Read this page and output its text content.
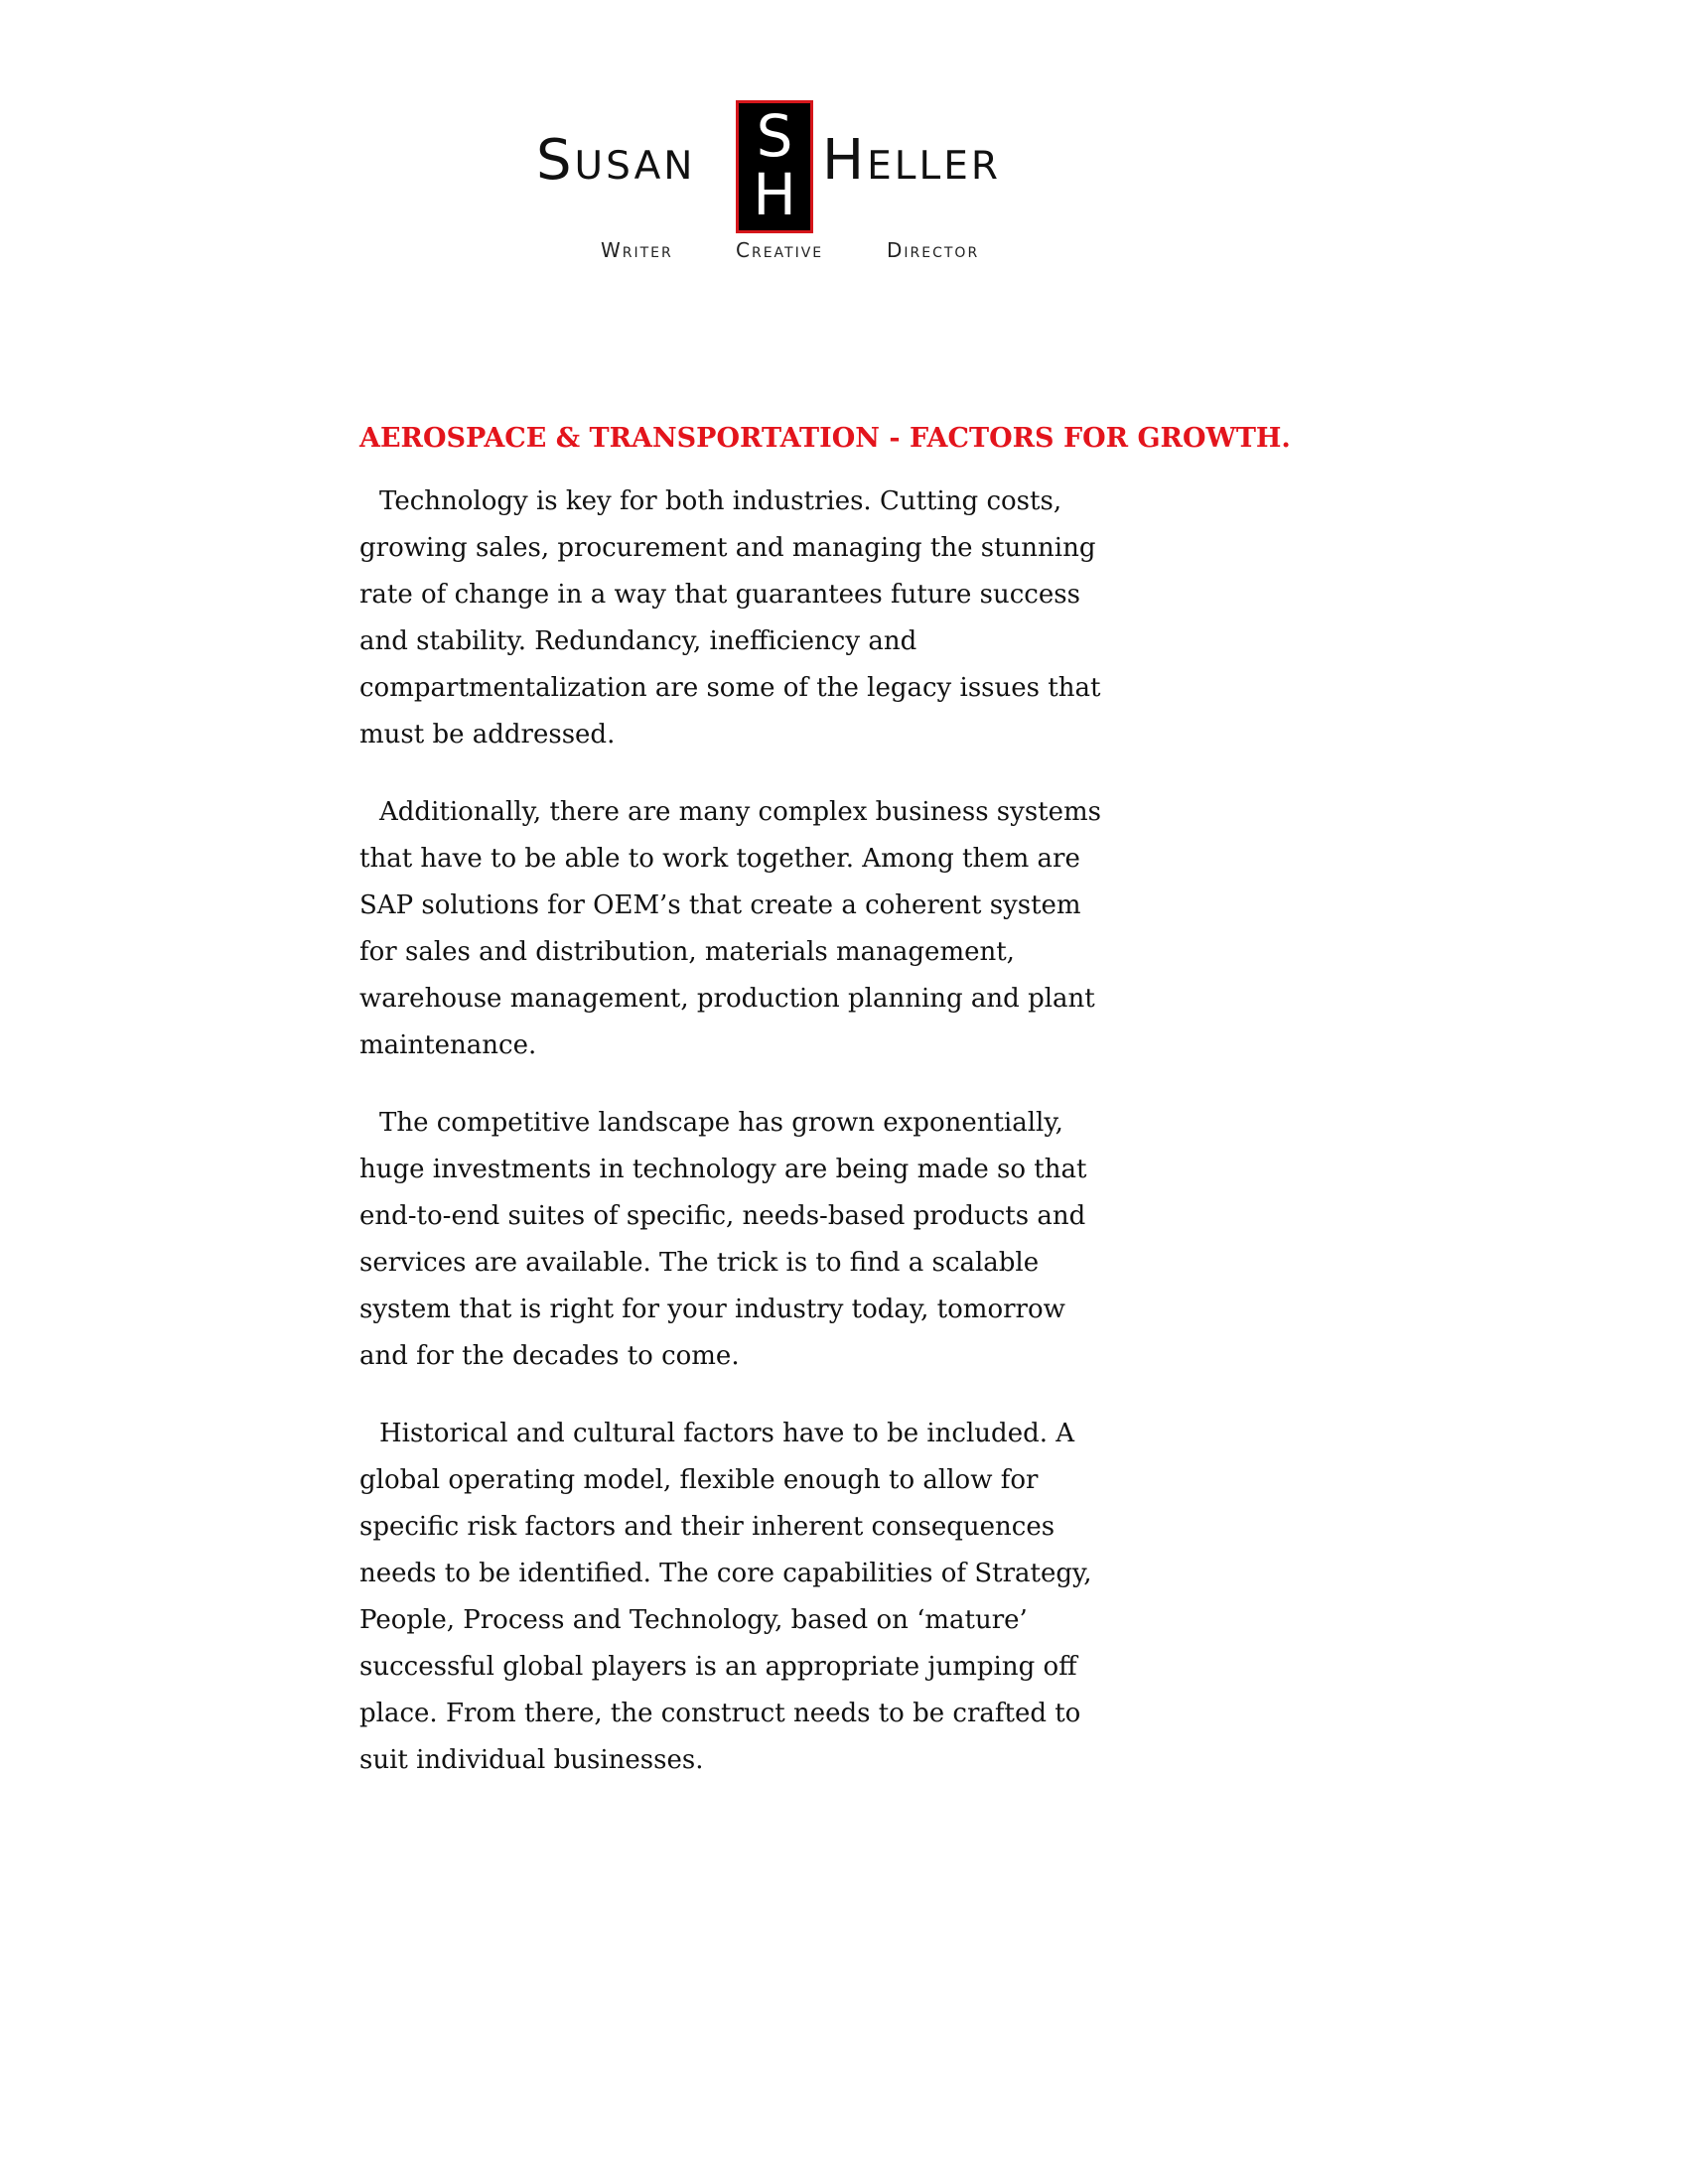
Susan	S
H
Heller
Writer	Creative	Director
AEROSPACE & TRANSPORTATION - FACTORS FOR GROWTH.

Technology is key for both industries. Cutting costs, growing sales, procurement and managing the stunning rate of change in a way that guarantees future success and stability. Redundancy, inefficiency and compartmentalization are some of the legacy issues that must be addressed.

Additionally, there are many complex business systems that have to be able to work together. Among them are SAP solutions for OEM’s that create a coherent system for sales and distribution, materials management, warehouse management, production planning and plant maintenance.

The competitive landscape has grown exponentially, huge investments in technology are being made so that end-to-end suites of specific, needs-based products and services are available. The trick is to find a scalable system that is right for your industry today, tomorrow and for the decades to come.

Historical and cultural factors have to be included. A global operating model, flexible enough to allow for specific risk factors and their inherent consequences needs to be identified. The core capabilities of Strategy, People, Process and Technology, based on ‘mature’ successful global players is an appropriate jumping off place. From there, the construct needs to be crafted to suit individual businesses.
